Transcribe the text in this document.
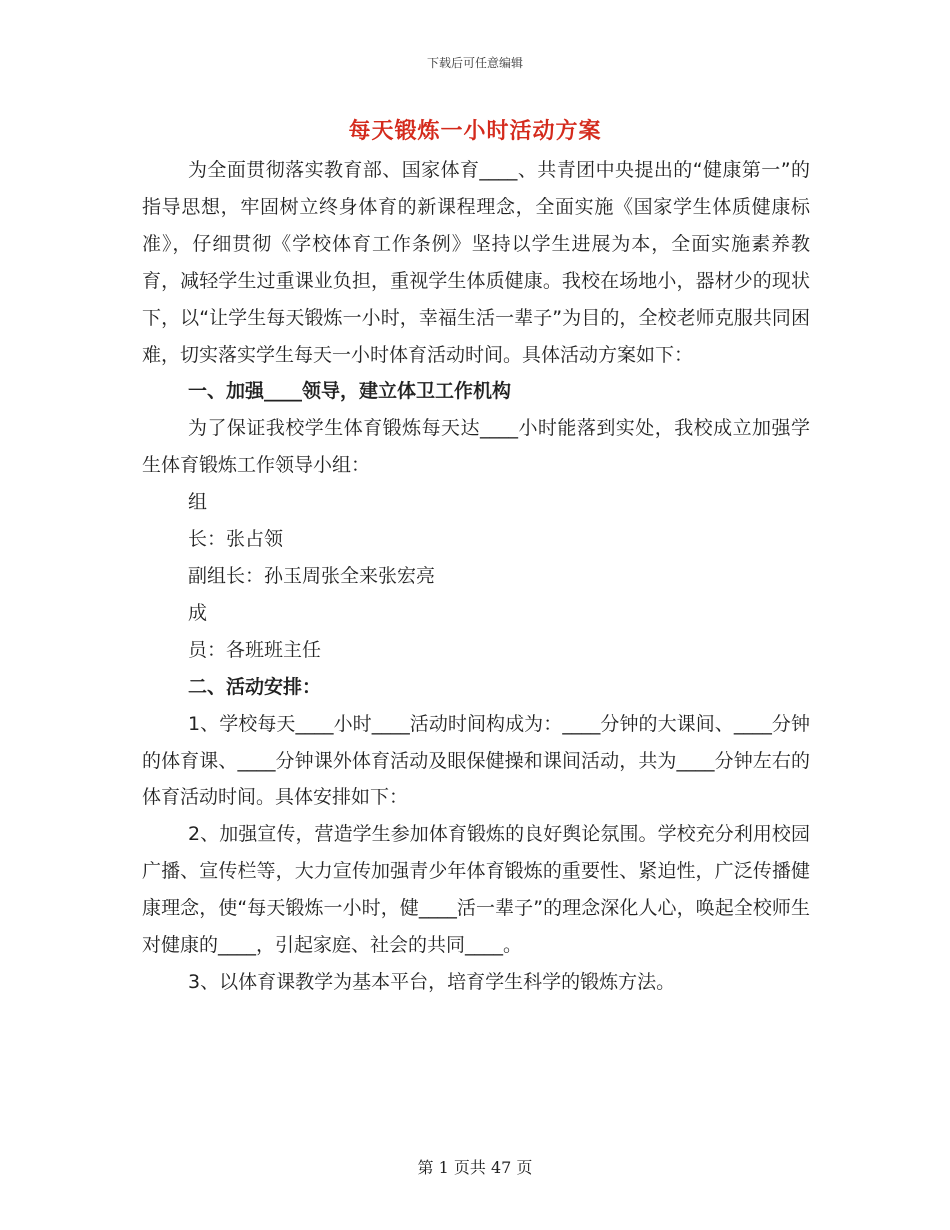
下载后可任意编辑
每天锻炼一小时活动方案

为全面贯彻落实教育部、国家体育____、共青团中央提出的“健康第一”的指导思想，牢固树立终身体育的新课程理念，全面实施《国家学生体质健康标准》，仔细贯彻《学校体育工作条例》坚持以学生进展为本，全面实施素养教育，减轻学生过重课业负担，重视学生体质健康。我校在场地小，器材少的现状下，以“让学生每天锻炼一小时，幸福生活一辈子”为目的，全校老师克服共同困难，切实落实学生每天一小时体育活动时间。具体活动方案如下：

一、加强____领导，建立体卫工作机构

为了保证我校学生体育锻炼每天达____小时能落到实处，我校成立加强学生体育锻炼工作领导小组：

组

长：张占领

副组长：孙玉周张全来张宏亮

成

员：各班班主任

二、活动安排：

1、学校每天____小时____活动时间构成为：____分钟的大课间、____分钟的体育课、____分钟课外体育活动及眼保健操和课间活动，共为____分钟左右的体育活动时间。具体安排如下：

2、加强宣传，营造学生参加体育锻炼的良好舆论氛围。学校充分利用校园广播、宣传栏等，大力宣传加强青少年体育锻炼的重要性、紧迫性，广泛传播健康理念，使“每天锻炼一小时，健____活一辈子”的理念深化人心，唤起全校师生对健康的____，引起家庭、社会的共同____。

3、以体育课教学为基本平台，培育学生科学的锻炼方法。

第 1 页共 47 页
